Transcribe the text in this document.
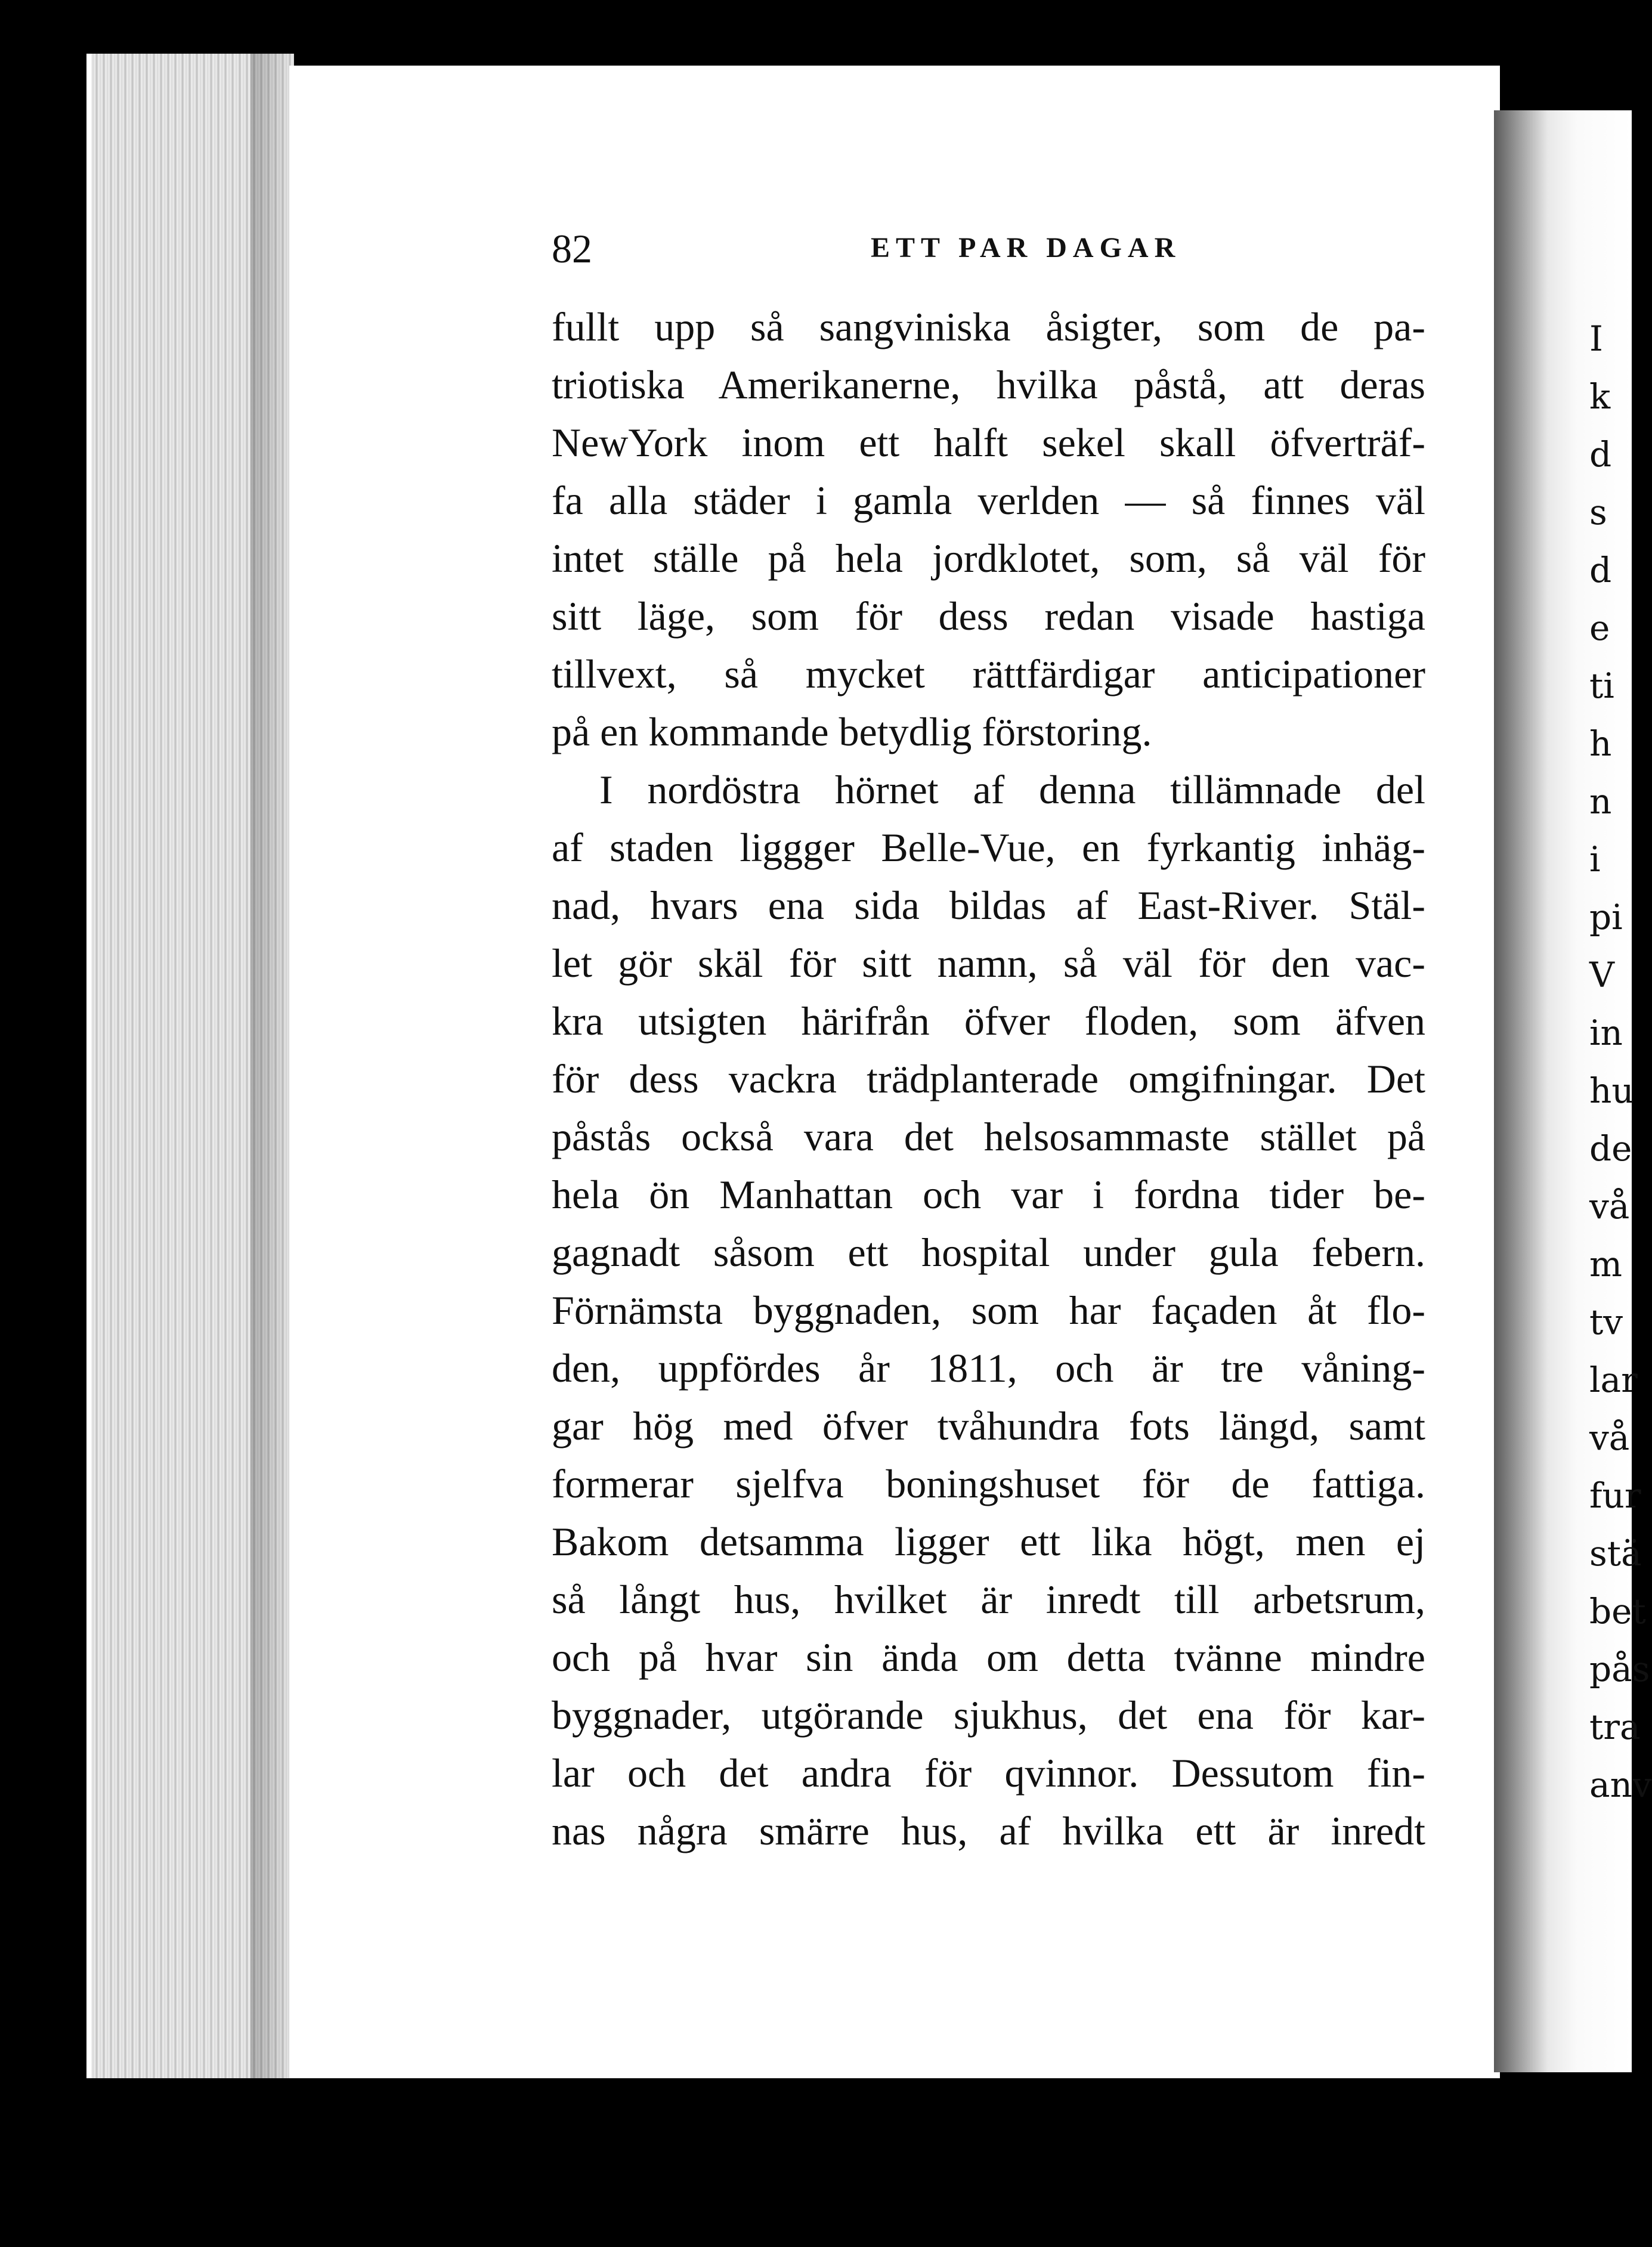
I
k
d
s
d
e
ti
h
n
i
pi
V
in
hu
de
vå
m
tv
lar
vå
fur
stä
bet
pås
tra
anv
82	ETT PAR DAGAR
fullt upp så sangviniska åsigter, som de pa-
triotiska Amerikanerne, hvilka påstå, att deras
NewYork inom ett halft sekel skall öfverträf-
fa alla städer i gamla verlden — så finnes väl
intet ställe på hela jordklotet, som, så väl för
sitt läge, som för dess redan visade hastiga
tillvext, så mycket rättfärdigar anticipationer
på en kommande betydlig förstoring.
I nordöstra hörnet af denna tillämnade del
af staden liggger Belle-Vue, en fyrkantig inhäg-
nad, hvars ena sida bildas af East-River. Stäl-
let gör skäl för sitt namn, så väl för den vac-
kra utsigten härifrån öfver floden, som äfven
för dess vackra trädplanterade omgifningar. Det
påstås också vara det helsosammaste stället på
hela ön Manhattan och var i fordna tider be-
gagnadt såsom ett hospital under gula febern.
Förnämsta byggnaden, som har façaden åt flo-
den, uppfördes år 1811, och är tre våning-
gar hög med öfver tvåhundra fots längd, samt
formerar sjelfva boningshuset för de fattiga.
Bakom detsamma ligger ett lika högt, men ej
så långt hus, hvilket är inredt till arbetsrum,
och på hvar sin ända om detta tvänne mindre
byggnader, utgörande sjukhus, det ena för kar-
lar och det andra för qvinnor. Dessutom fin-
nas några smärre hus, af hvilka ett är inredt
